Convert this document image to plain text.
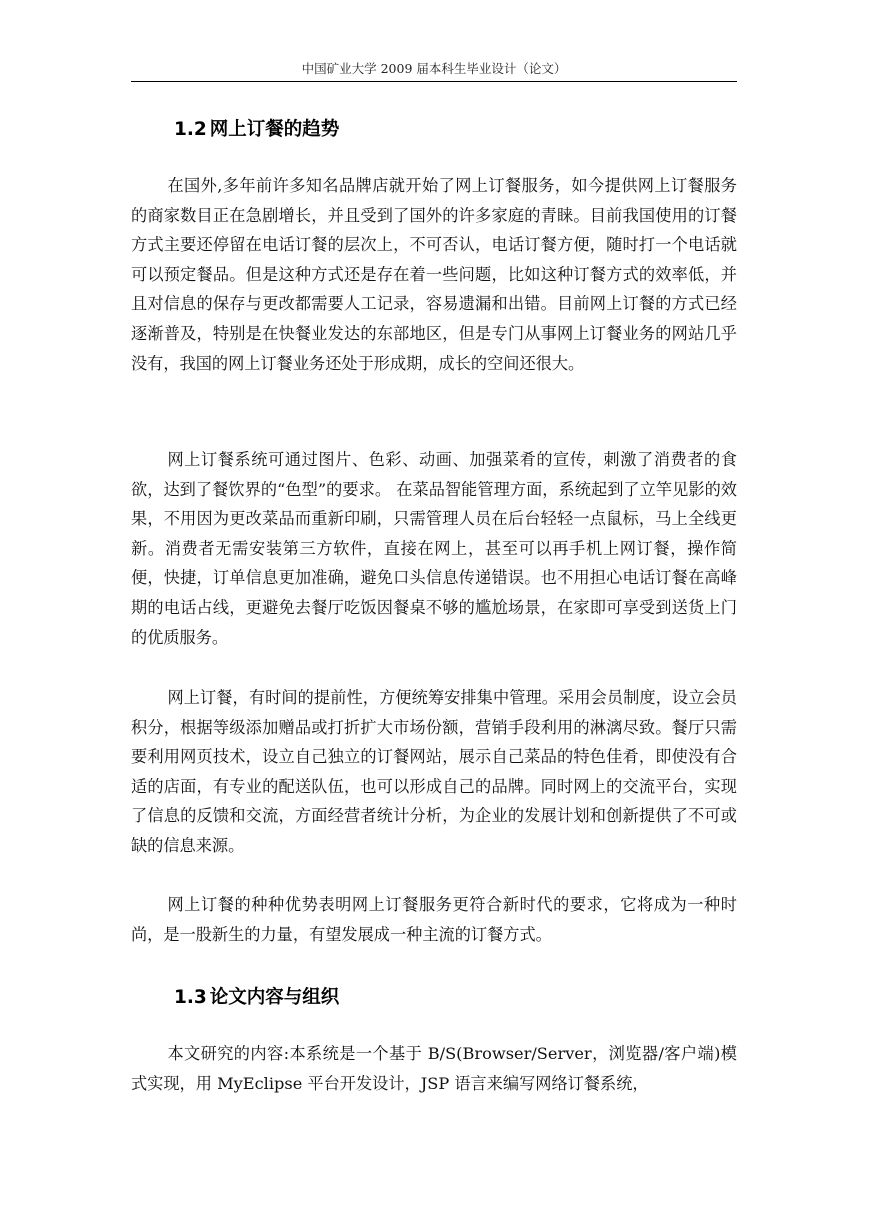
中国矿业大学 2009 届本科生毕业设计（论文）
1.2 网上订餐的趋势

在国外,多年前许多知名品牌店就开始了网上订餐服务，如今提供网上订餐服务的商家数目正在急剧增长，并且受到了国外的许多家庭的青睐。目前我国使用的订餐方式主要还停留在电话订餐的层次上，不可否认，电话订餐方便，随时打一个电话就可以预定餐品。但是这种方式还是存在着一些问题，比如这种订餐方式的效率低，并且对信息的保存与更改都需要人工记录，容易遗漏和出错。目前网上订餐的方式已经逐渐普及，特别是在快餐业发达的东部地区，但是专门从事网上订餐业务的网站几乎没有，我国的网上订餐业务还处于形成期，成长的空间还很大。

网上订餐系统可通过图片、色彩、动画、加强菜肴的宣传，刺激了消费者的食欲，达到了餐饮界的“色型”的要求。 在菜品智能管理方面，系统起到了立竿见影的效果，不用因为更改菜品而重新印刷，只需管理人员在后台轻轻一点鼠标，马上全线更新。消费者无需安装第三方软件，直接在网上，甚至可以再手机上网订餐，操作简便，快捷，订单信息更加准确，避免口头信息传递错误。也不用担心电话订餐在高峰期的电话占线，更避免去餐厅吃饭因餐桌不够的尴尬场景，在家即可享受到送货上门的优质服务。

网上订餐，有时间的提前性，方便统筹安排集中管理。采用会员制度，设立会员积分，根据等级添加赠品或打折扩大市场份额，营销手段利用的淋漓尽致。餐厅只需要利用网页技术，设立自己独立的订餐网站，展示自己菜品的特色佳肴，即使没有合适的店面，有专业的配送队伍，也可以形成自己的品牌。同时网上的交流平台，实现了信息的反馈和交流，方面经营者统计分析，为企业的发展计划和创新提供了不可或缺的信息来源。

网上订餐的种种优势表明网上订餐服务更符合新时代的要求，它将成为一种时尚，是一股新生的力量，有望发展成一种主流的订餐方式。

1.3 论文内容与组织

本文研究的内容:本系统是一个基于 B/S(Browser/Server，浏览器/客户端)模式实现，用 MyEclipse 平台开发设计，JSP 语言来编写网络订餐系统，
